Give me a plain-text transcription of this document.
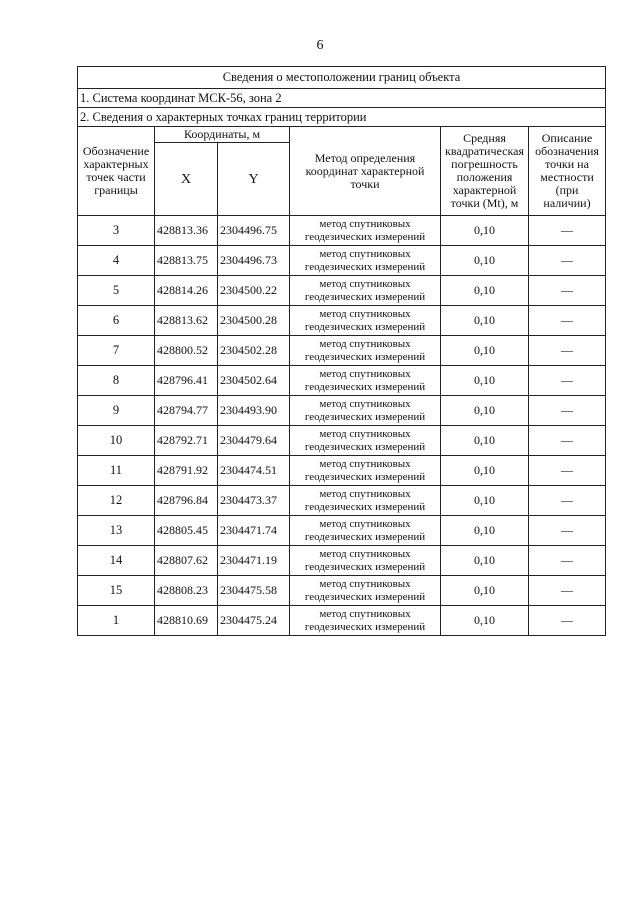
6
Сведения о местоположении границ объекта					
1. Система координат МСК-56, зона 2					
2. Сведения о характерных точках границ территории					
Обозначение характерных точек части границы	Координаты, м		Метод определения координат характерной точки	Средняя квадратическая погрешность положения характерной точки (Mt), м	Описание обозначения точки на местности (при наличии)
	X	Y			
3	428813.36	2304496.75	метод спутниковых геодезических измерений	0,10	—
4	428813.75	2304496.73	метод спутниковых геодезических измерений	0,10	—
5	428814.26	2304500.22	метод спутниковых геодезических измерений	0,10	—
6	428813.62	2304500.28	метод спутниковых геодезических измерений	0,10	—
7	428800.52	2304502.28	метод спутниковых геодезических измерений	0,10	—
8	428796.41	2304502.64	метод спутниковых геодезических измерений	0,10	—
9	428794.77	2304493.90	метод спутниковых геодезических измерений	0,10	—
10	428792.71	2304479.64	метод спутниковых геодезических измерений	0,10	—
11	428791.92	2304474.51	метод спутниковых геодезических измерений	0,10	—
12	428796.84	2304473.37	метод спутниковых геодезических измерений	0,10	—
13	428805.45	2304471.74	метод спутниковых геодезических измерений	0,10	—
14	428807.62	2304471.19	метод спутниковых геодезических измерений	0,10	—
15	428808.23	2304475.58	метод спутниковых геодезических измерений	0,10	—
1	428810.69	2304475.24	метод спутниковых геодезических измерений	0,10	—
